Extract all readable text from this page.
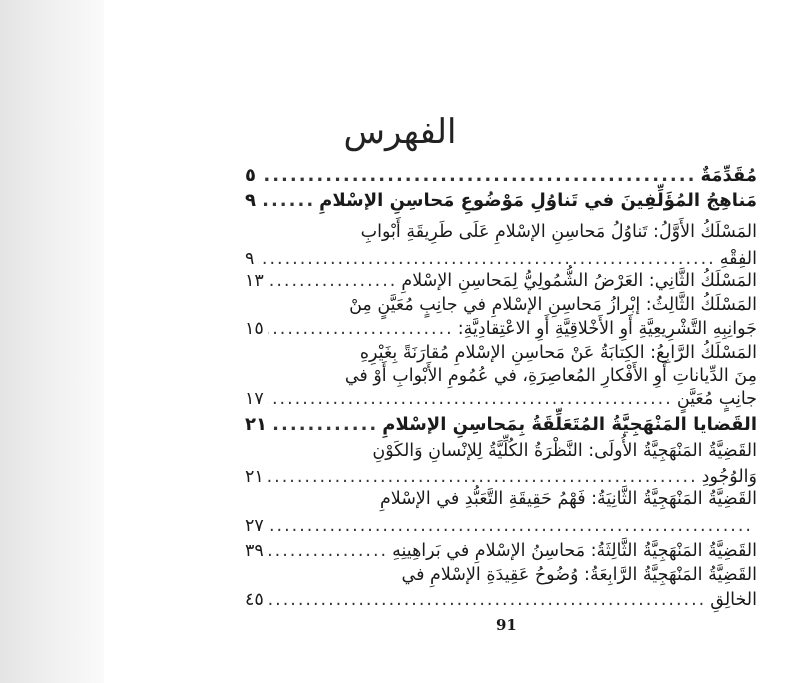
الفهرس
91
مُقَدِّمَةٌ
.....
٥
مَناهِجُ المُؤَلِّفِينَ في تَناوُلِ مَوْضُوعِ مَحاسِنِ الإسْلامِ
.....
٩
المَسْلَكُ الأَوَّلُ: تَناوُلُ مَحاسِنِ الإسْلامِ عَلَى طَرِيقَةِ أَبْوابِ
الفِقْهِ
.....
٩
المَسْلَكُ الثَّانِي: العَرْضُ الشُّمُولِيُّ لِمَحاسِنِ الإسْلامِ
.....
١٣
المَسْلَكُ الثَّالِثُ: إبْرازُ مَحاسِنِ الإسْلامِ في جانِبٍ مُعَيَّنٍ مِنْ
جَوانِبِهِ التَّشْرِيعِيَّةِ أَوِ الأَخْلاقِيَّةِ أَوِ الاعْتِقادِيَّةِ:
.....
١٥
المَسْلَكُ الرَّابِعُ: الكِتابَةُ عَنْ مَحاسِنِ الإسْلامِ مُقارَنَةً بِغَيْرِهِ
مِنَ الدِّياناتِ أَوِ الأَفْكارِ المُعاصِرَةِ، في عُمُومِ الأَبْوابِ أَوْ في
جانِبٍ مُعَيَّنٍ
.....
١٧
القَضايا المَنْهَجِيَّةُ المُتَعَلِّقَةُ بِمَحاسِنِ الإسْلامِ
.....
٢١
القَضِيَّةُ المَنْهَجِيَّةُ الأُولَى: النَّظْرَةُ الكُلِّيَّةُ لِلإنْسانِ وَالكَوْنِ
وَالوُجُودِ
.....
٢١
القَضِيَّةُ المَنْهَجِيَّةُ الثَّانِيَةُ: فَهْمُ حَقِيقَةِ التَّعَبُّدِ في الإسْلامِ
.....
٢٧
القَضِيَّةُ المَنْهَجِيَّةُ الثَّالِثَةُ: مَحاسِنُ الإسْلامِ في بَراهِينِهِ
.....
٣٩
القَضِيَّةُ المَنْهَجِيَّةُ الرَّابِعَةُ: وُضُوحُ عَقِيدَةِ الإسْلامِ في
الخالِقِ
.....
٤٥
